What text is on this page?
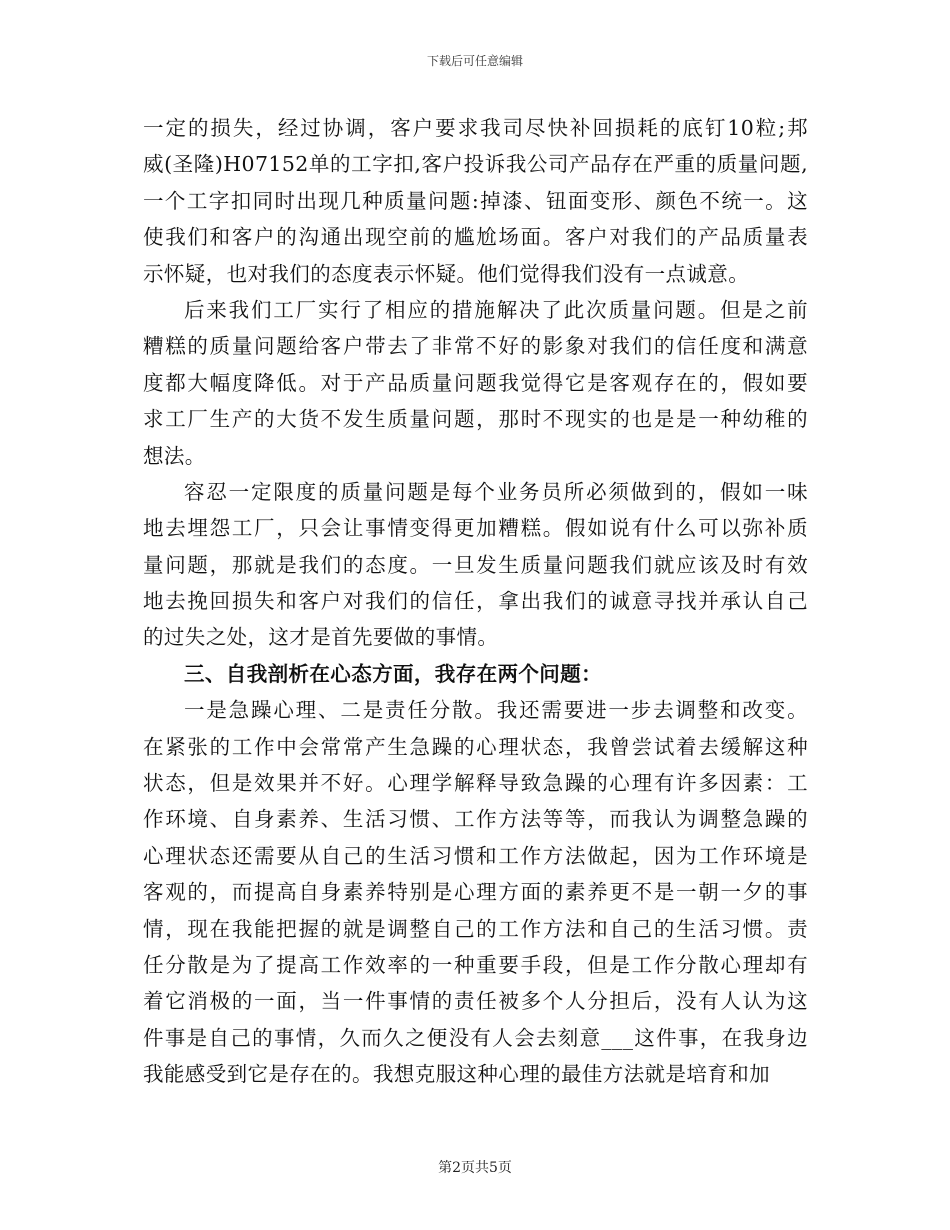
下载后可任意编辑
一定的损失，经过协调，客户要求我司尽快补回损耗的底钉10粒;邦
威(圣隆)H07152单的工字扣,客户投诉我公司产品存在严重的质量问题,
一个工字扣同时出现几种质量问题:掉漆、钮面变形、颜色不统一。这
使我们和客户的沟通出现空前的尴尬场面。客户对我们的产品质量表
示怀疑，也对我们的态度表示怀疑。他们觉得我们没有一点诚意。
后来我们工厂实行了相应的措施解决了此次质量问题。但是之前
糟糕的质量问题给客户带去了非常不好的影象对我们的信任度和满意
度都大幅度降低。对于产品质量问题我觉得它是客观存在的，假如要
求工厂生产的大货不发生质量问题，那时不现实的也是是一种幼稚的
想法。
容忍一定限度的质量问题是每个业务员所必须做到的，假如一味
地去埋怨工厂，只会让事情变得更加糟糕。假如说有什么可以弥补质
量问题，那就是我们的态度。一旦发生质量问题我们就应该及时有效
地去挽回损失和客户对我们的信任，拿出我们的诚意寻找并承认自己
的过失之处，这才是首先要做的事情。
三、自我剖析在心态方面，我存在两个问题：
一是急躁心理、二是责任分散。我还需要进一步去调整和改变。
在紧张的工作中会常常产生急躁的心理状态，我曾尝试着去缓解这种
状态，但是效果并不好。心理学解释导致急躁的心理有许多因素：工
作环境、自身素养、生活习惯、工作方法等等，而我认为调整急躁的
心理状态还需要从自己的生活习惯和工作方法做起，因为工作环境是
客观的，而提高自身素养特别是心理方面的素养更不是一朝一夕的事
情，现在我能把握的就是调整自己的工作方法和自己的生活习惯。责
任分散是为了提高工作效率的一种重要手段，但是工作分散心理却有
着它消极的一面，当一件事情的责任被多个人分担后，没有人认为这
件事是自己的事情，久而久之便没有人会去刻意___这件事，在我身边
我能感受到它是存在的。我想克服这种心理的最佳方法就是培育和加
第2页共5页
